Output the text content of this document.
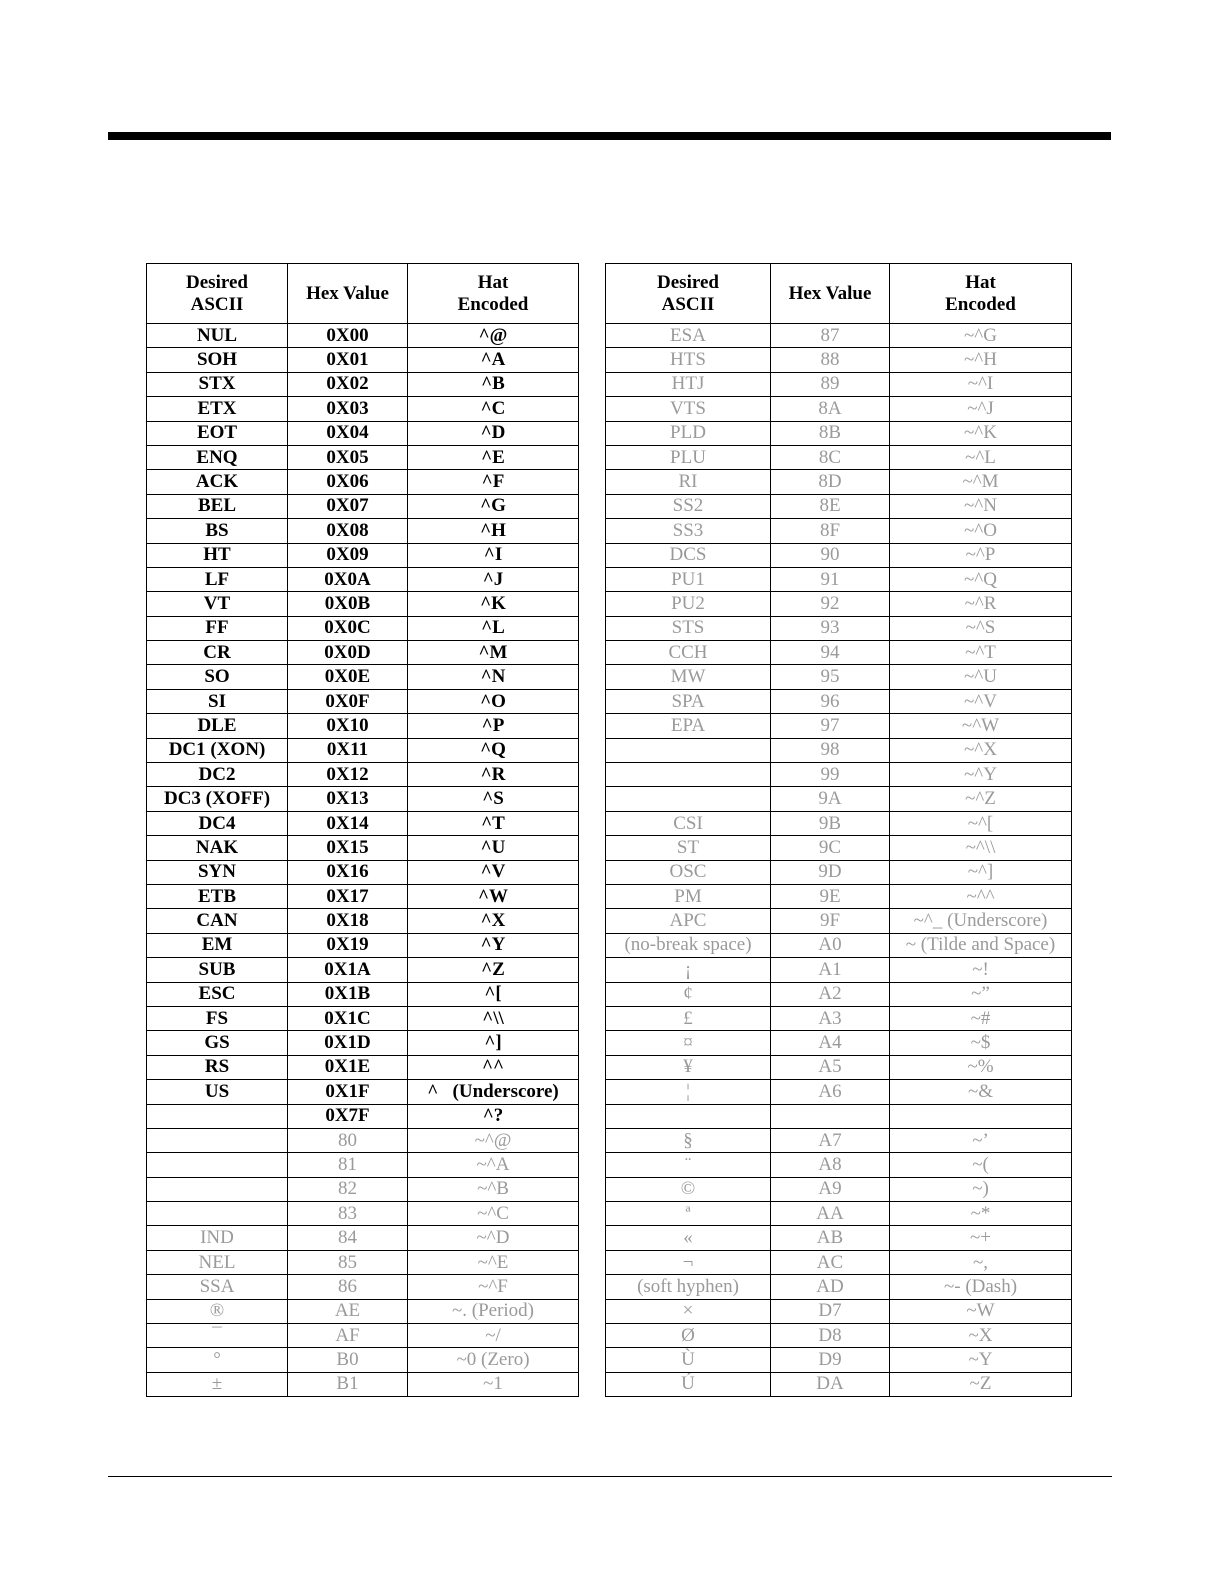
Desired
ASCII	Hex Value	Hat
Encoded
NUL	0X00	^@
SOH	0X01	^A
STX	0X02	^B
ETX	0X03	^C
EOT	0X04	^D
ENQ	0X05	^E
ACK	0X06	^F
BEL	0X07	^G
BS	0X08	^H
HT	0X09	^I
LF	0X0A	^J
VT	0X0B	^K
FF	0X0C	^L
CR	0X0D	^M
SO	0X0E	^N
SI	0X0F	^O
DLE	0X10	^P
DC1 (XON)	0X11	^Q
DC2	0X12	^R
DC3 (XOFF)	0X13	^S
DC4	0X14	^T
NAK	0X15	^U
SYN	0X16	^V
ETB	0X17	^W
CAN	0X18	^X
EM	0X19	^Y
SUB	0X1A	^Z
ESC	0X1B	^[
FS	0X1C	^\\
GS	0X1D	^]
RS	0X1E	^^
US	0X1F	^   (Underscore)
	0X7F	^?
	80	~^@
	81	~^A
	82	~^B
	83	~^C
IND	84	~^D
NEL	85	~^E
SSA	86	~^F
®	AE	~. (Period)
¯	AF	~/
°	B0	~0 (Zero)
±	B1	~1
Desired
ASCII	Hex Value	Hat
Encoded
ESA	87	~^G
HTS	88	~^H
HTJ	89	~^I
VTS	8A	~^J
PLD	8B	~^K
PLU	8C	~^L
RI	8D	~^M
SS2	8E	~^N
SS3	8F	~^O
DCS	90	~^P
PU1	91	~^Q
PU2	92	~^R
STS	93	~^S
CCH	94	~^T
MW	95	~^U
SPA	96	~^V
EPA	97	~^W
	98	~^X
	99	~^Y
	9A	~^Z
CSI	9B	~^[
ST	9C	~^\\
OSC	9D	~^]
PM	9E	~^^
APC	9F	~^_ (Underscore)
(no-break space)	A0	~ (Tilde and Space)
¡	A1	~!
¢	A2	~”
£	A3	~#
¤	A4	~$
¥	A5	~%
¦	A6	~&

§	A7	~’
¨	A8	~(
©	A9	~)
ª	AA	~*
«	AB	~+
¬	AC	~,
(soft hyphen)	AD	~- (Dash)
×	D7	~W
Ø	D8	~X
Ù	D9	~Y
Ú	DA	~Z
